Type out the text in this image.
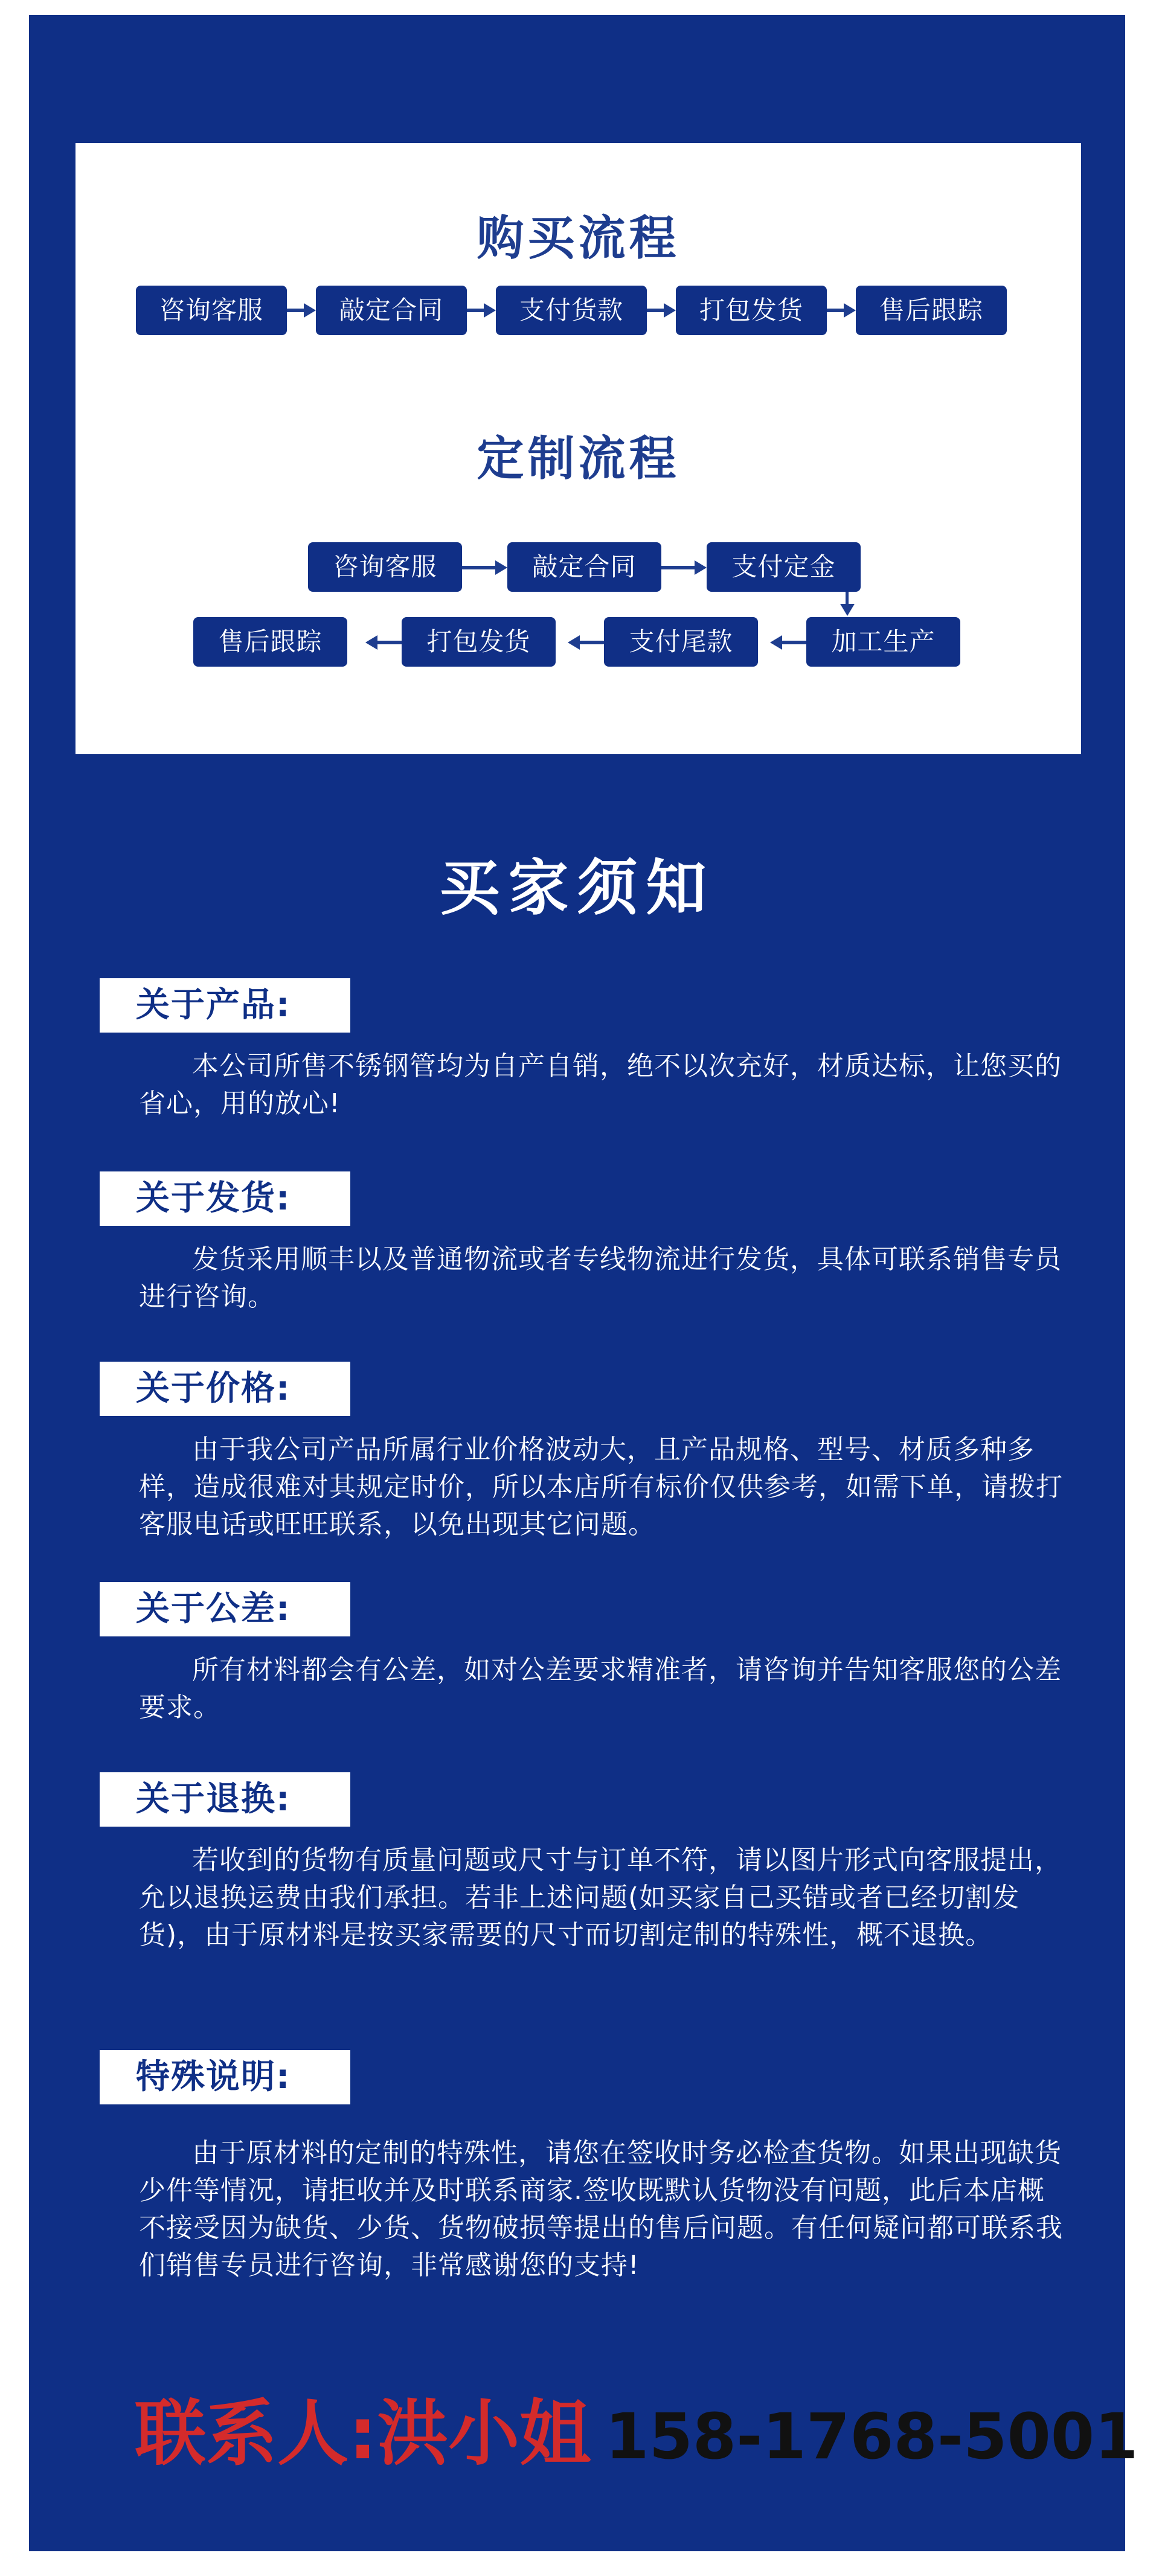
购买流程
咨询客服	敲定合同	支付货款	打包发货	售后跟踪
定制流程
咨询客服	敲定合同	支付定金
售后跟踪	打包发货	支付尾款	加工生产
买家须知
关于产品:
本公司所售不锈钢管均为自产自销，绝不以次充好，材质达标，让您买的省心，用的放心!
关于发货:
发货采用顺丰以及普通物流或者专线物流进行发货，具体可联系销售专员进行咨询。
关于价格:
由于我公司产品所属行业价格波动大，且产品规格、型号、材质多种多样，造成很难对其规定时价，所以本店所有标价仅供参考，如需下单，请拨打客服电话或旺旺联系，以免出现其它问题。
关于公差:
所有材料都会有公差，如对公差要求精准者，请咨询并告知客服您的公差要求。
关于退换:
若收到的货物有质量问题或尺寸与订单不符，请以图片形式向客服提出，允以退换运费由我们承担。若非上述问题(如买家自己买错或者已经切割发货)，由于原材料是按买家需要的尺寸而切割定制的特殊性，概不退换。
特殊说明:
由于原材料的定制的特殊性，请您在签收时务必检查货物。如果出现缺货少件等情况，请拒收并及时联系商家.签收既默认货物没有问题，此后本店概不接受因为缺货、少货、货物破损等提出的售后问题。有任何疑问都可联系我们销售专员进行咨询，非常感谢您的支持!
联系人:洪小姐 158-1768-5001
